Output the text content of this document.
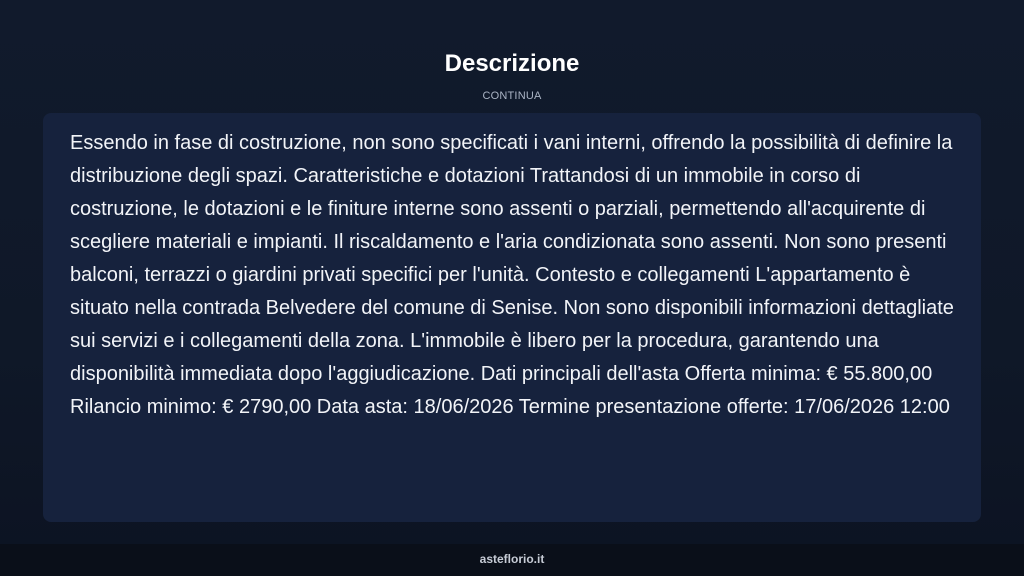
Descrizione
CONTINUA

Essendo in fase di costruzione, non sono specificati i vani interni, offrendo la possibilità di definire la distribuzione degli spazi. Caratteristiche e dotazioni Trattandosi di un immobile in corso di costruzione, le dotazioni e le finiture interne sono assenti o parziali, permettendo all'acquirente di scegliere materiali e impianti. Il riscaldamento e l'aria condizionata sono assenti. Non sono presenti balconi, terrazzi o giardini privati specifici per l'unità. Contesto e collegamenti L'appartamento è situato nella contrada Belvedere del comune di Senise. Non sono disponibili informazioni dettagliate sui servizi e i collegamenti della zona. L'immobile è libero per la procedura, garantendo una disponibilità immediata dopo l'aggiudicazione. Dati principali dell'asta Offerta minima: € 55.800,00 Rilancio minimo: € 2790,00 Data asta: 18/06/2026 Termine presentazione offerte: 17/06/2026 12:00

asteflorio.it
